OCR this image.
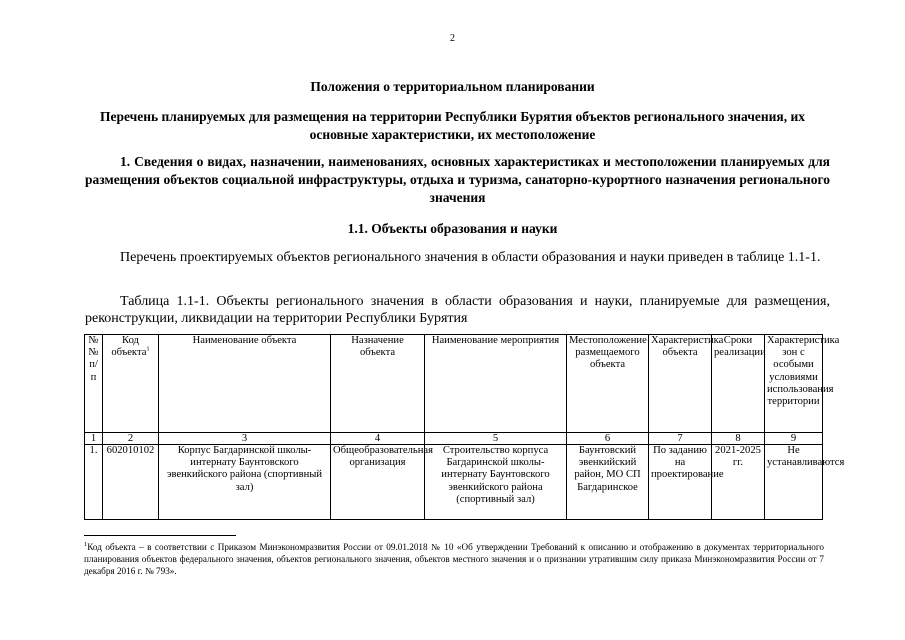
2
Положения о территориальном планировании
Перечень планируемых для размещения на территории Республики Бурятия объектов регионального значения, их основные характеристики, их местоположение
1. Сведения о видах, назначении, наименованиях, основных характеристиках и местоположении планируемых для размещения объектов социальной инфраструктуры, отдыха и туризма, санаторно-курортного назначения регионального значения
1.1. Объекты образования и науки
Перечень проектируемых объектов регионального значения в области образования и науки приведен в таблице 1.1-1.
Таблица 1.1-1. Объекты регионального значения в области образования и науки, планируемые для размещения, реконструкции, ликвидации на территории Республики Бурятия
№ № п/п	Код объекта$^1$	Наименование объекта	Назначение объекта	Наименование мероприятия	Местоположение размещаемого объекта	Характеристика объекта	Сроки реализации	Характеристика зон с особыми условиями использования территории
1	2	3	4	5	6	7	8	9
1.	602010102	Корпус Багдаринской школы-интернату Баунтовского эвенкийского района (спортивный зал)	Общеобразовательная организация	Строительство корпуса Багдаринской школы-интернату Баунтовского эвенкийского района (спортивный зал)	Баунтовский эвенкийский район, МО СП Багдаринское	По заданию на проектирование	2021-2025 гг.	Не устанавливаются
$^1$Код объекта – в соответствии с Приказом Минэкономразвития России от 09.01.2018 № 10 «Об утверждении Требований к описанию и отображению в документах территориального планирования объектов федерального значения, объектов регионального значения, объектов местного значения и о признании утратившим силу приказа Минэкономразвития России от 7 декабря 2016 г. № 793».
